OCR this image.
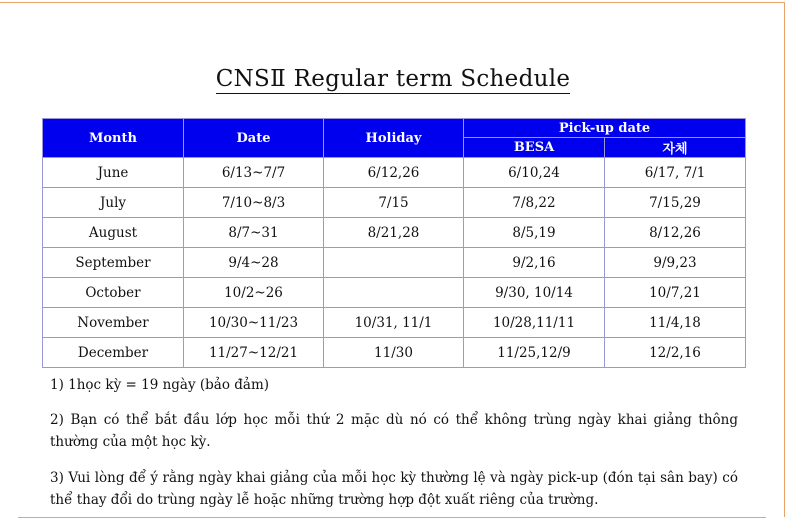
CNSⅡ Regular term Schedule
Month	Date	Holiday	Pick-up date	
			BESA	자체
June	6/13~7/7	6/12,26	6/10,24	6/17, 7/1
July	7/10~8/3	7/15	7/8,22	7/15,29
August	8/7~31	8/21,28	8/5,19	8/12,26
September	9/4~28		9/2,16	9/9,23
October	10/2~26		9/30, 10/14	10/7,21
November	10/30~11/23	10/31, 11/1	10/28,11/11	11/4,18
December	11/27~12/21	11/30	11/25,12/9	12/2,16
1) 1học kỳ = 19 ngày (bảo đảm)
2) Bạn có thể bắt đầu lớp học mỗi thứ 2 mặc dù nó có thể không trùng ngày khai giảng thông thường của một học kỳ.
3) Vui lòng để ý rằng ngày khai giảng của mỗi học kỳ thường lệ và ngày pick-up (đón tại sân bay) có thể thay đổi do trùng ngày lễ hoặc những trường hợp đột xuất riêng của trường.
